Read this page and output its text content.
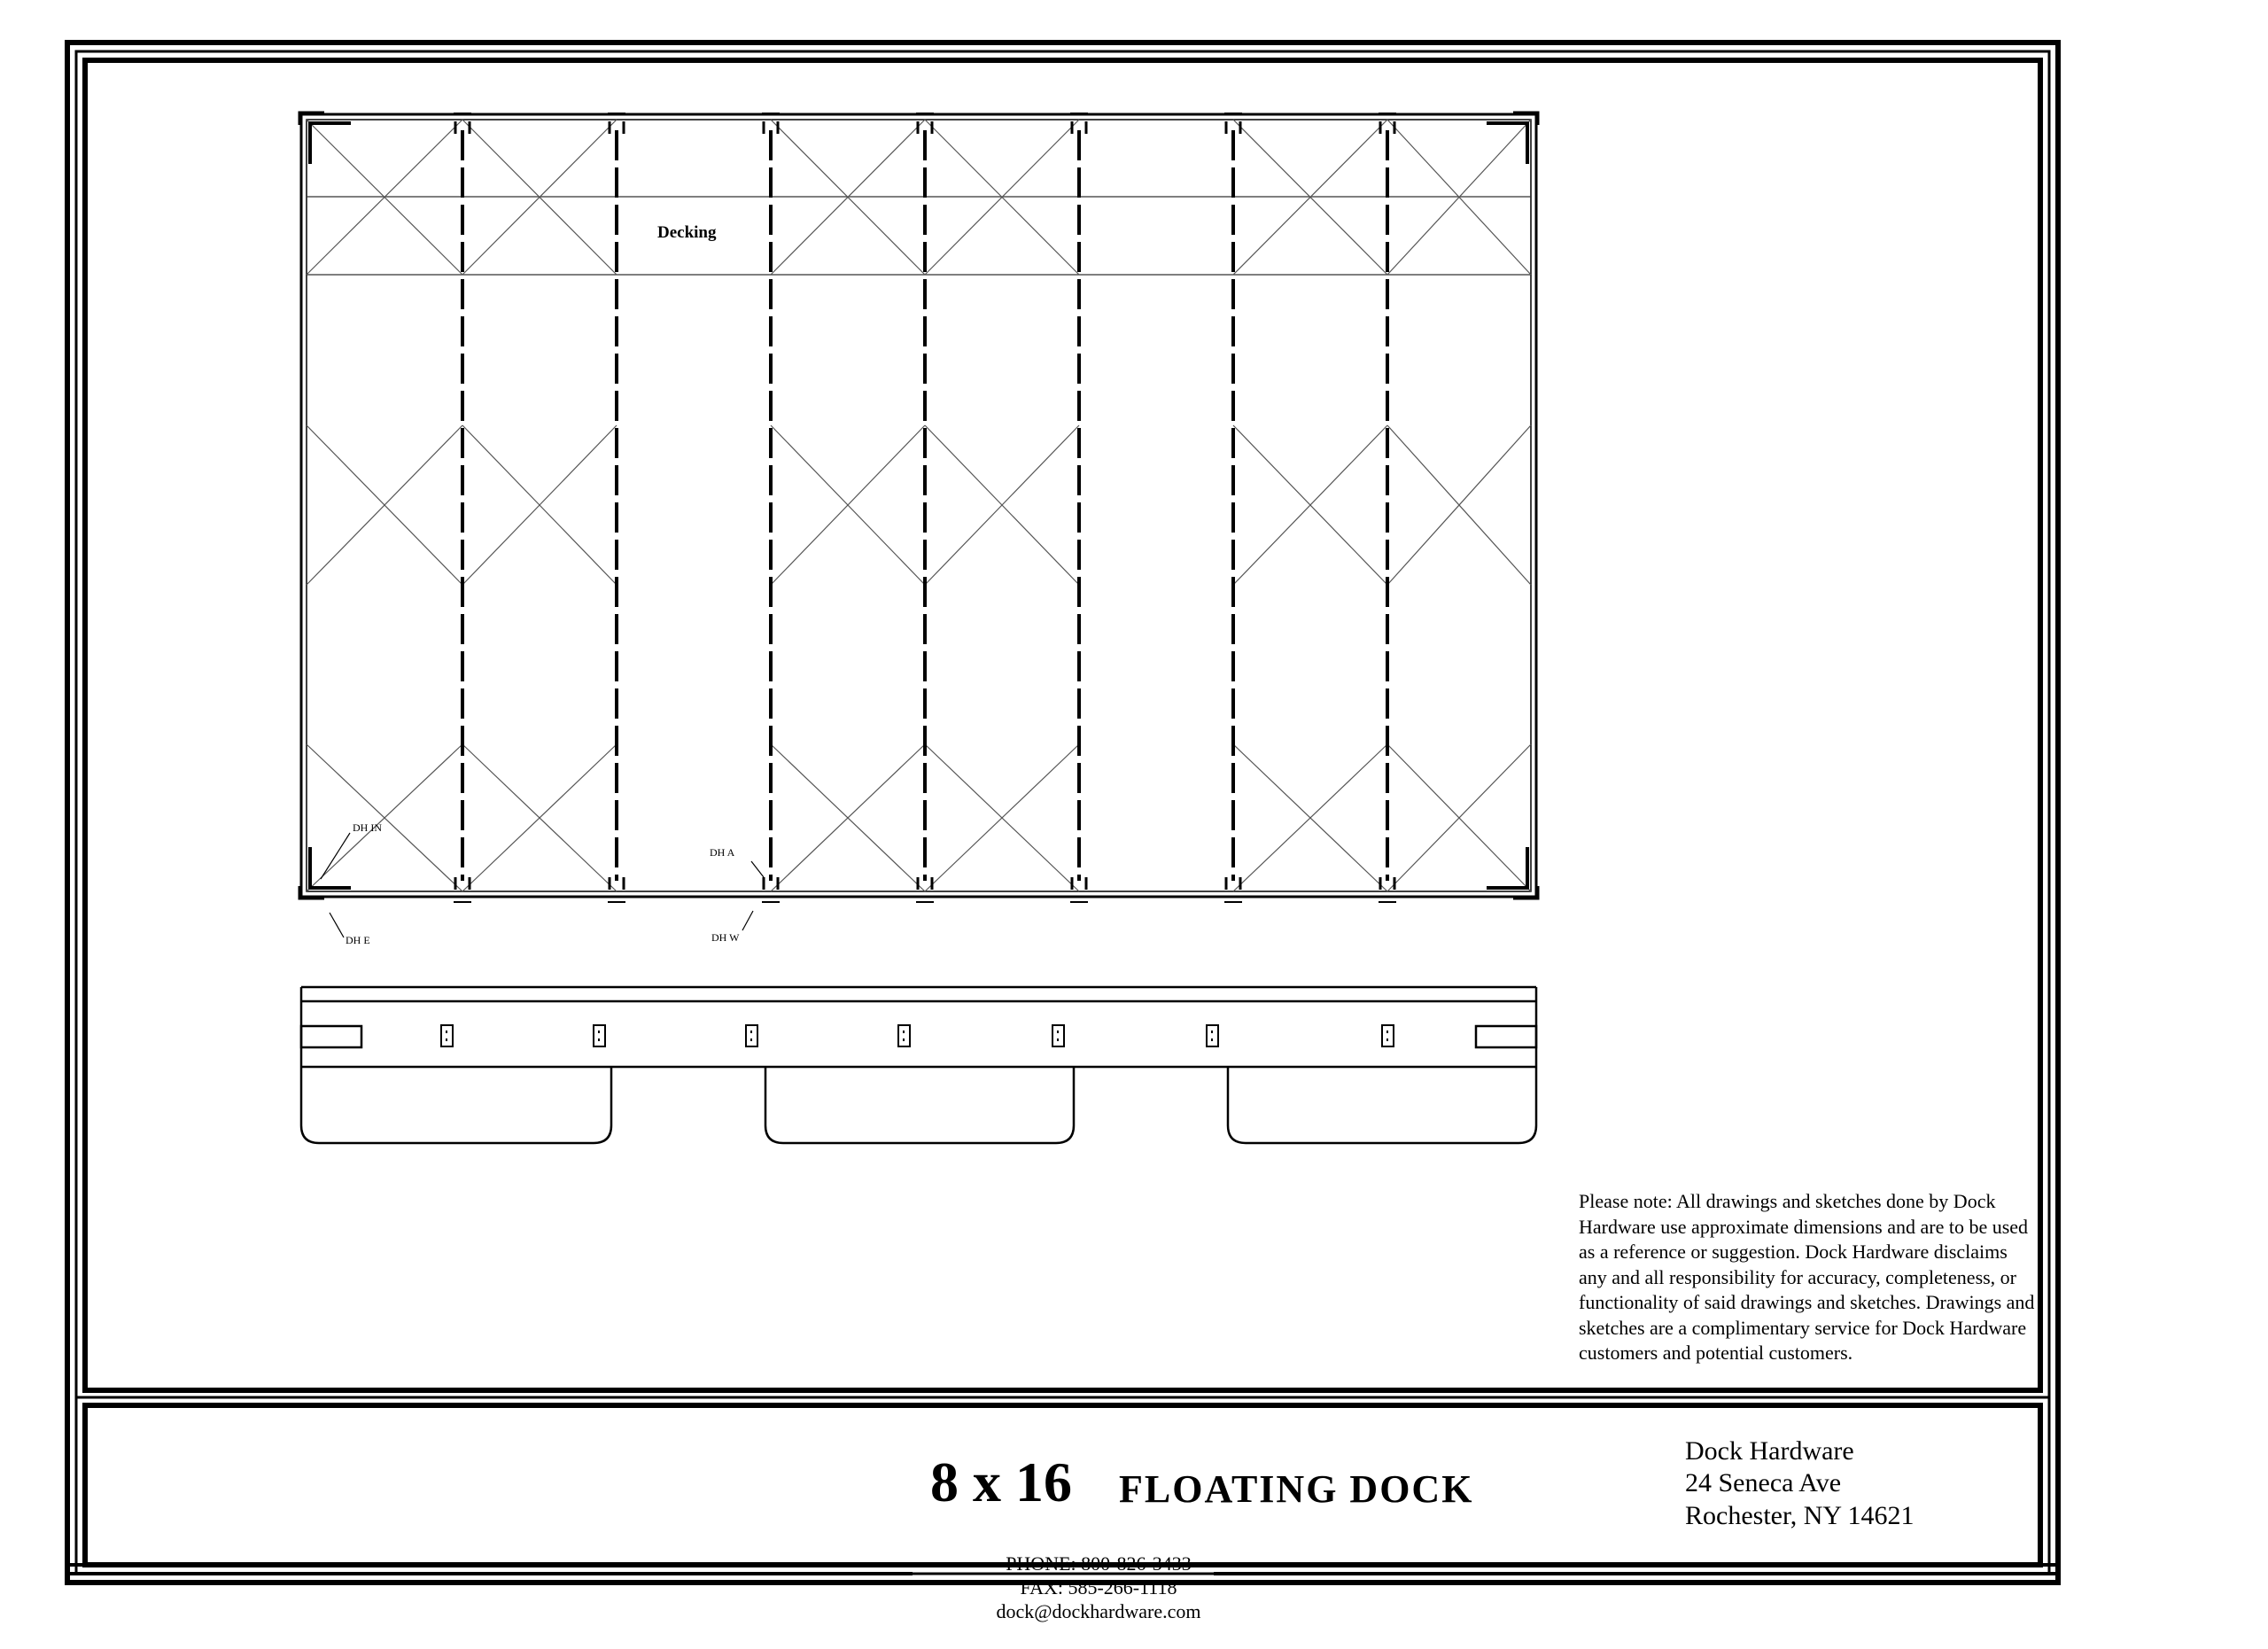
Decking
DH IN
DH A
DH E	DH W
Please note: All drawings and sketches done by Dock Hardware use approximate dimensions and are to be used as a reference or suggestion. Dock Hardware disclaims any and all responsibility for accuracy, completeness, or functionality of said drawings and sketches. Drawings and sketches are a complimentary service for Dock Hardware customers and potential customers.
8 x 16 FLOATING DOCK
Dock Hardware
24 Seneca Ave
Rochester, NY 14621
PHONE: 800-826-3433
FAX: 585-266-1118
dock@dockhardware.com
